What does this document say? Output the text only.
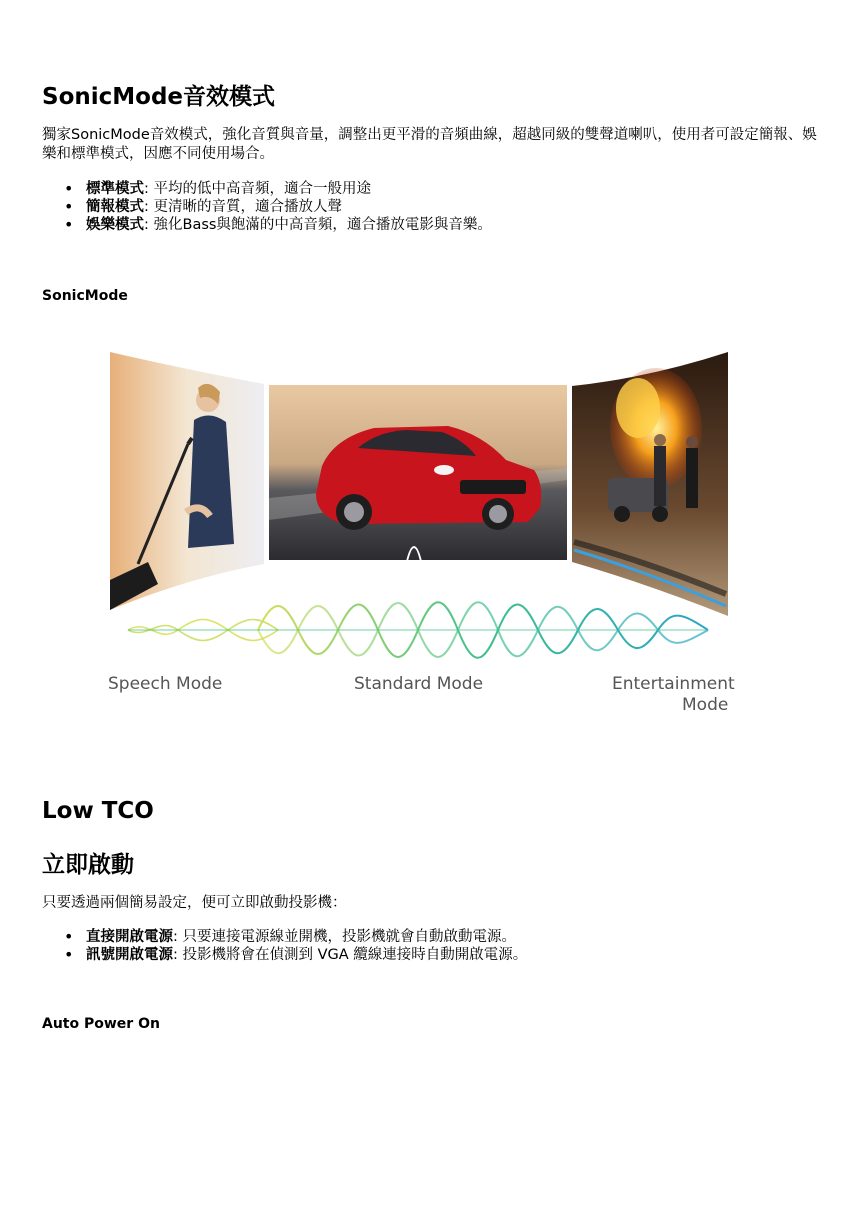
SonicMode音效模式

獨家SonicMode音效模式，強化音質與音量，調整出更平滑的音頻曲線，超越同級的雙聲道喇叭，使用者可設定簡報、娛樂和標準模式，因應不同使用場合。

• 標準模式: 平均的低中高音頻，適合一般用途
• 簡報模式: 更清晰的音質，適合播放人聲
• 娛樂模式: 強化Bass與飽滿的中高音頻，適合播放電影與音樂。
SonicMode
Speech Mode	Standard Mode	Entertainment
Mode
Low TCO
立即啟動

只要透過兩個簡易設定，便可立即啟動投影機：

• 直接開啟電源: 只要連接電源線並開機，投影機就會自動啟動電源。
• 訊號開啟電源: 投影機將會在偵測到 VGA 纜線連接時自動開啟電源。
Auto Power On
